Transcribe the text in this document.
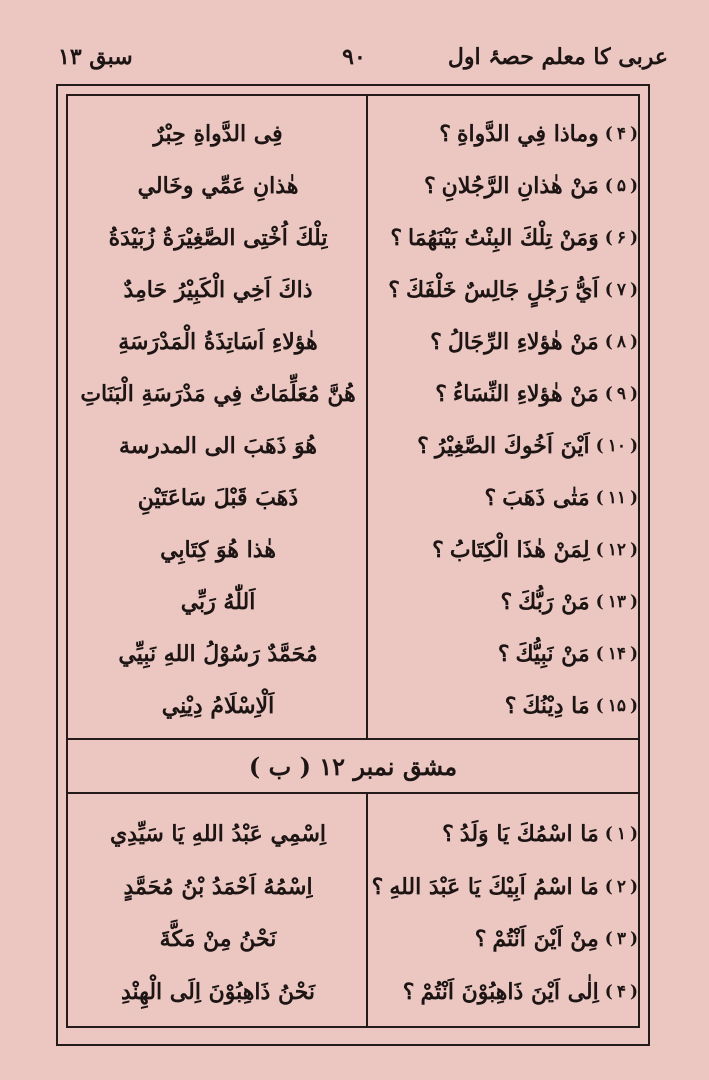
عربی کا معلم حصۂ اول
۹۰
سبق ۱۳
(
۴
)
وماذا فِي الدَّواةِ
؟
(
۵
)
مَنْ هٰذانِ الرَّجُلانِ
؟
(
۶
)
وَمَنْ تِلْكَ البِنْتُ بَيْنَهُمَا
؟
(
۷
)
اَيُّ رَجُلٍ جَالِسٌ خَلْفَكَ
؟
(
۸
)
مَنْ هٰؤلاءِ الرِّجَالُ
؟
(
۹
)
مَنْ هٰؤلاءِ النِّسَاءُ
؟
(
۱۰
)
اَيْنَ اَخُوكَ الصَّغِيْرُ
؟
(
۱۱
)
مَتٰی ذَهَبَ
؟
(
۱۲
)
لِمَنْ هٰذَا الْكِتَابُ
؟
(
۱۳
)
مَنْ رَبُّكَ
؟
(
۱۴
)
مَنْ نَبِيُّكَ
؟
(
۱۵
)
مَا دِيْنُكَ
؟
فِی الدَّواةِ حِبْرٌ
هٰذانِ عَمِّي وخَالي
تِلْكَ اُخْتِی الصَّغِيْرَةُ زُبَيْدَةُ
ذاكَ اَخِي الْكَبِيْرُ حَامِدٌ
هٰؤلاءِ اَسَاتِذَةُ الْمَدْرَسَةِ
هُنَّ مُعَلِّمَاتٌ فِي مَدْرَسَةِ الْبَنَاتِ
هُوَ ذَهَبَ الی المدرسة
ذَهَبَ قَبْلَ سَاعَتَيْنِ
هٰذا هُوَ كِتَابِي
اَللّٰهُ رَبِّي
مُحَمَّدٌ رَسُوْلُ اللهِ نَبِيِّي
اَلْاِسْلَامُ دِيْنِي
مشق نمبر ۱۲ ( ب )
(
۱
)
مَا اسْمُكَ يَا وَلَدُ
؟
(
۲
)
مَا اسْمُ اَبِيْكَ يَا عَبْدَ اللهِ
؟
(
۳
)
مِنْ اَيْنَ اَنْتُمْ
؟
(
۴
)
اِلٰی اَيْنَ ذَاهِبُوْنَ اَنْتُمْ
؟
اِسْمِي عَبْدُ اللهِ يَا سَيِّدِي
اِسْمُهُ اَحْمَدُ بْنُ مُحَمَّدٍ
نَحْنُ مِنْ مَكَّةَ
نَحْنُ ذَاهِبُوْنَ اِلَی الْهِنْدِ
